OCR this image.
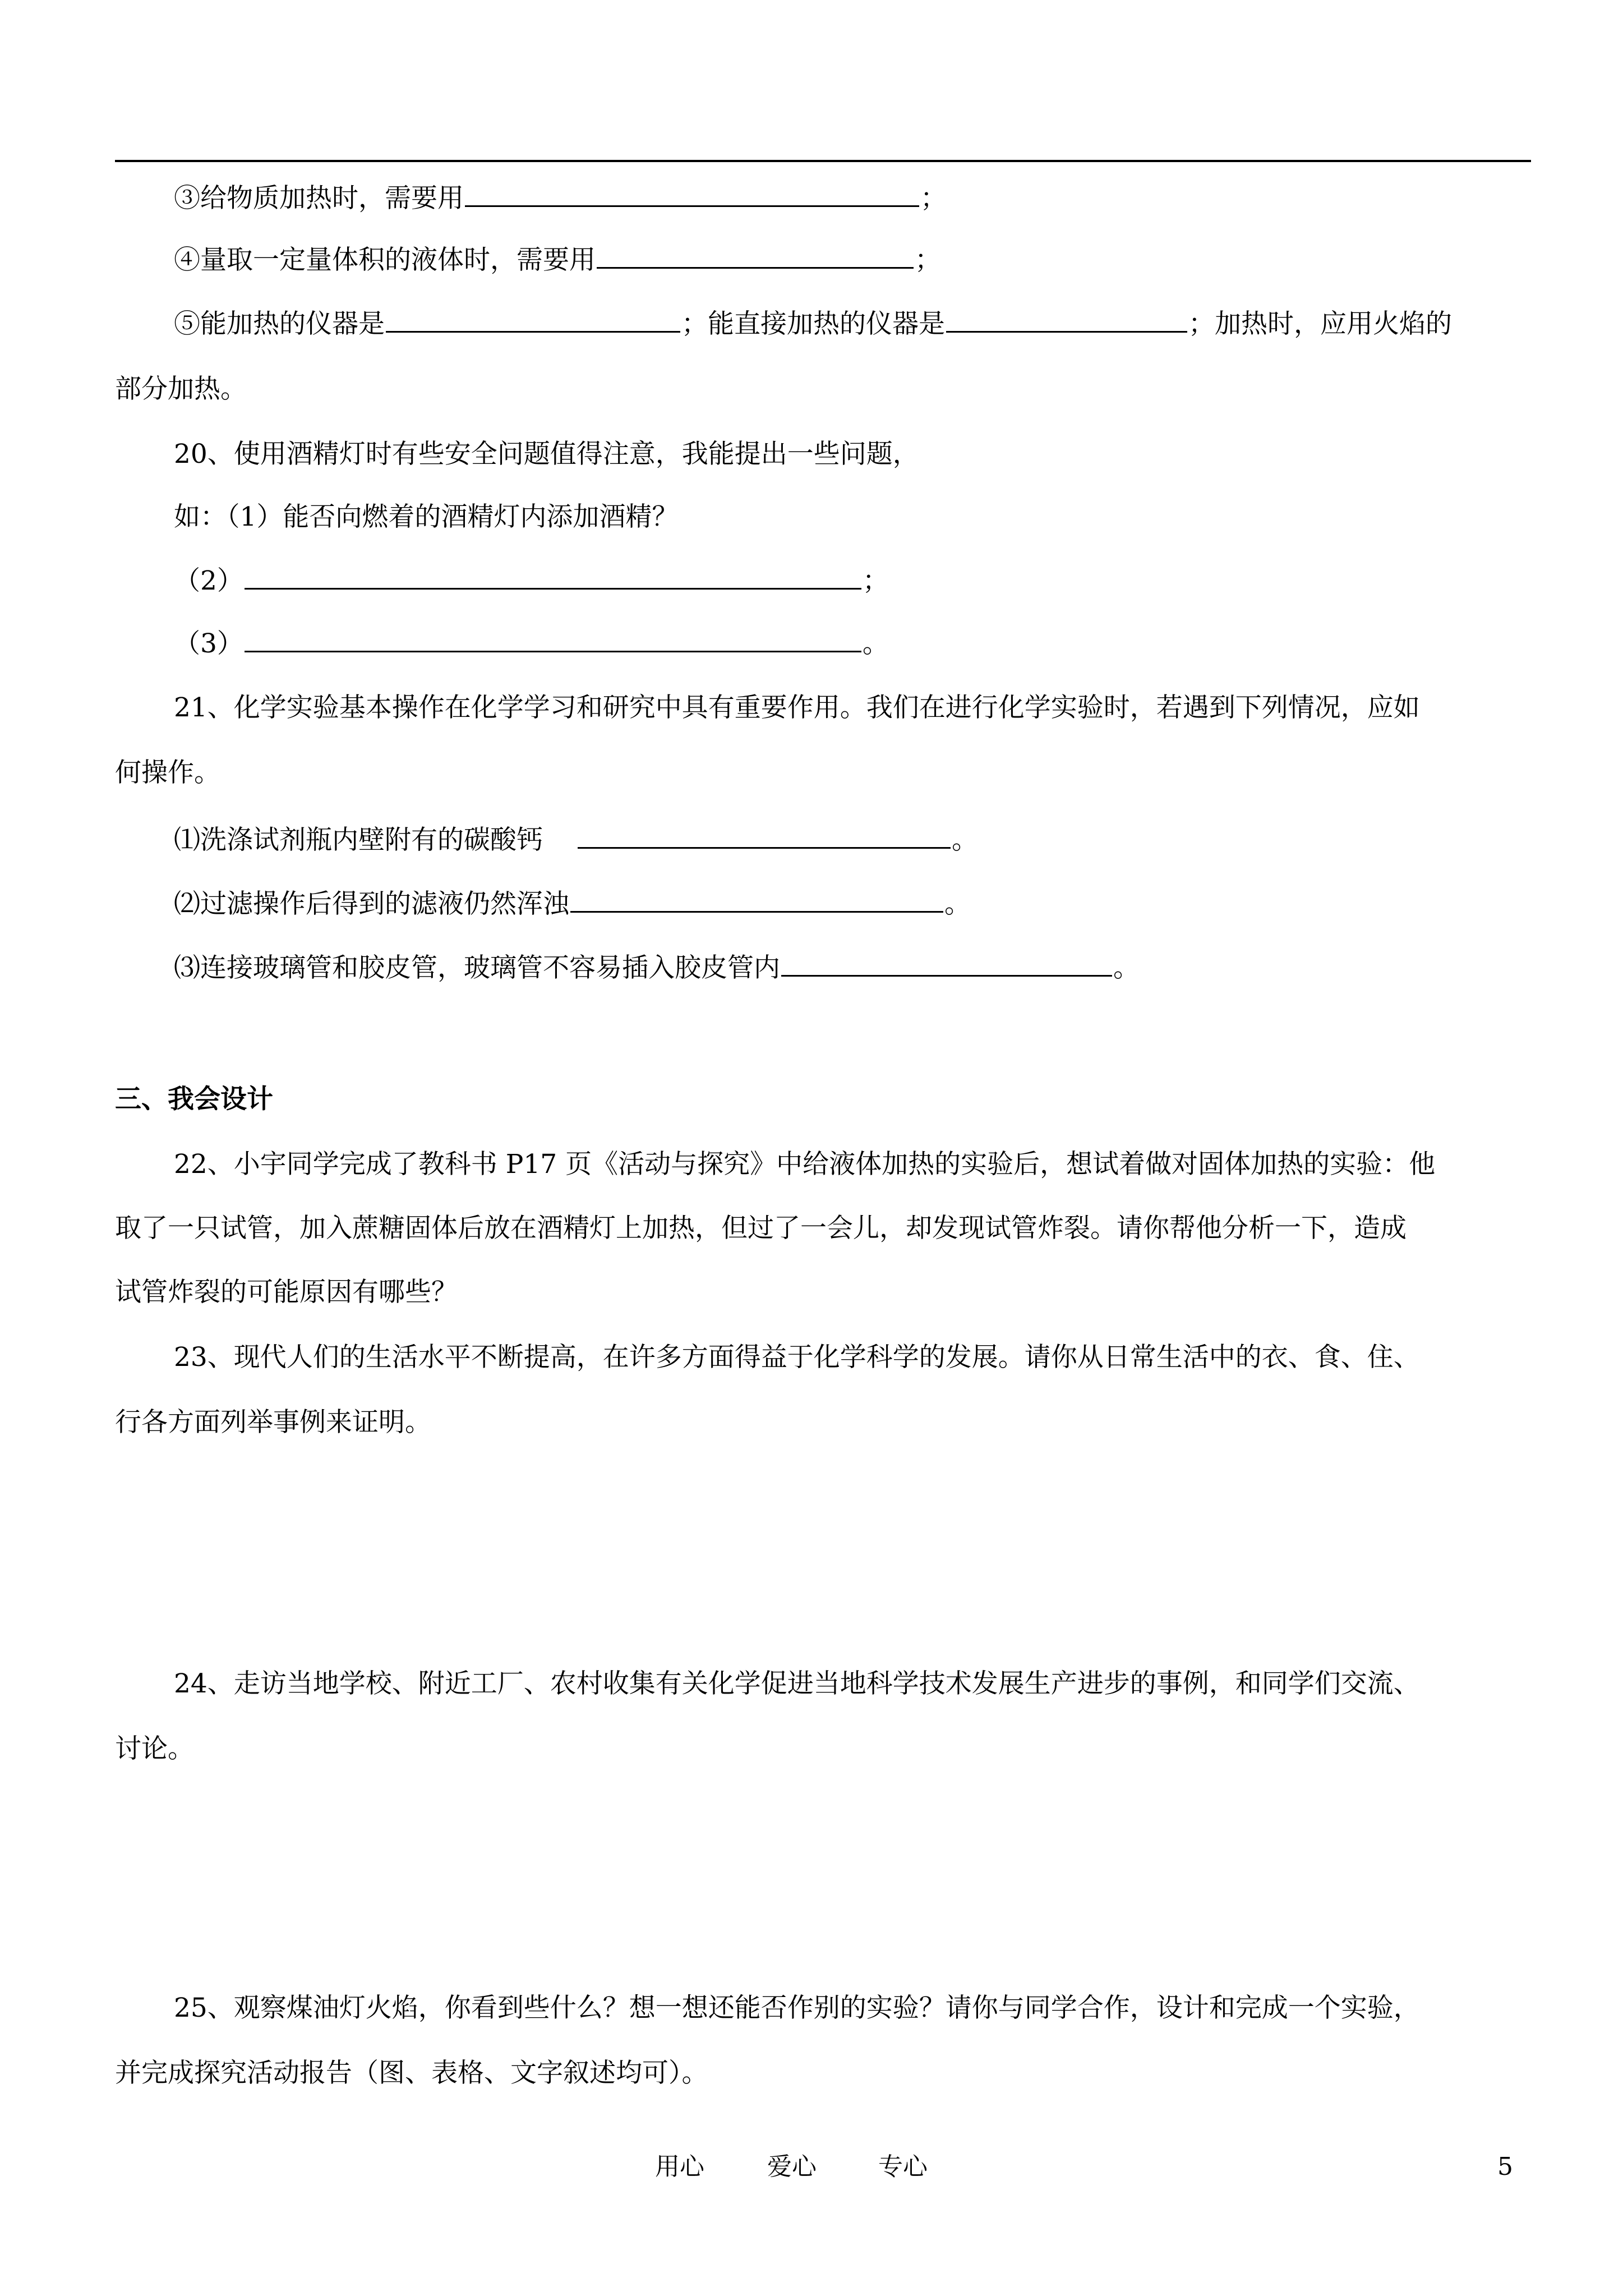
③给物质加热时，需要用	；
④量取一定量体积的液体时，需要用	；
⑤能加热的仪器是	；能直接加热的仪器是	；加热时，应用火焰的
部分加热。
20、使用酒精灯时有些安全问题值得注意，我能提出一些问题，
如：（1）能否向燃着的酒精灯内添加酒精？
（2）	；
（3）	。
21、化学实验基本操作在化学学习和研究中具有重要作用。我们在进行化学实验时，若遇到下列情况，应如
何操作。
⑴洗涤试剂瓶内壁附有的碳酸钙	。
⑵过滤操作后得到的滤液仍然浑浊	。
⑶连接玻璃管和胶皮管，玻璃管不容易插入胶皮管内	。
三、我会设计
22、小宇同学完成了教科书 P17 页《活动与探究》中给液体加热的实验后，想试着做对固体加热的实验：他
取了一只试管，加入蔗糖固体后放在酒精灯上加热，但过了一会儿，却发现试管炸裂。请你帮他分析一下，造成
试管炸裂的可能原因有哪些？
23、现代人们的生活水平不断提高，在许多方面得益于化学科学的发展。请你从日常生活中的衣、食、住、
行各方面列举事例来证明。
24、走访当地学校、附近工厂、农村收集有关化学促进当地科学技术发展生产进步的事例，和同学们交流、
讨论。
25、观察煤油灯火焰，你看到些什么？想一想还能否作别的实验？请你与同学合作，设计和完成一个实验，
并完成探究活动报告（图、表格、文字叙述均可）。
用心	爱心	专心	5
